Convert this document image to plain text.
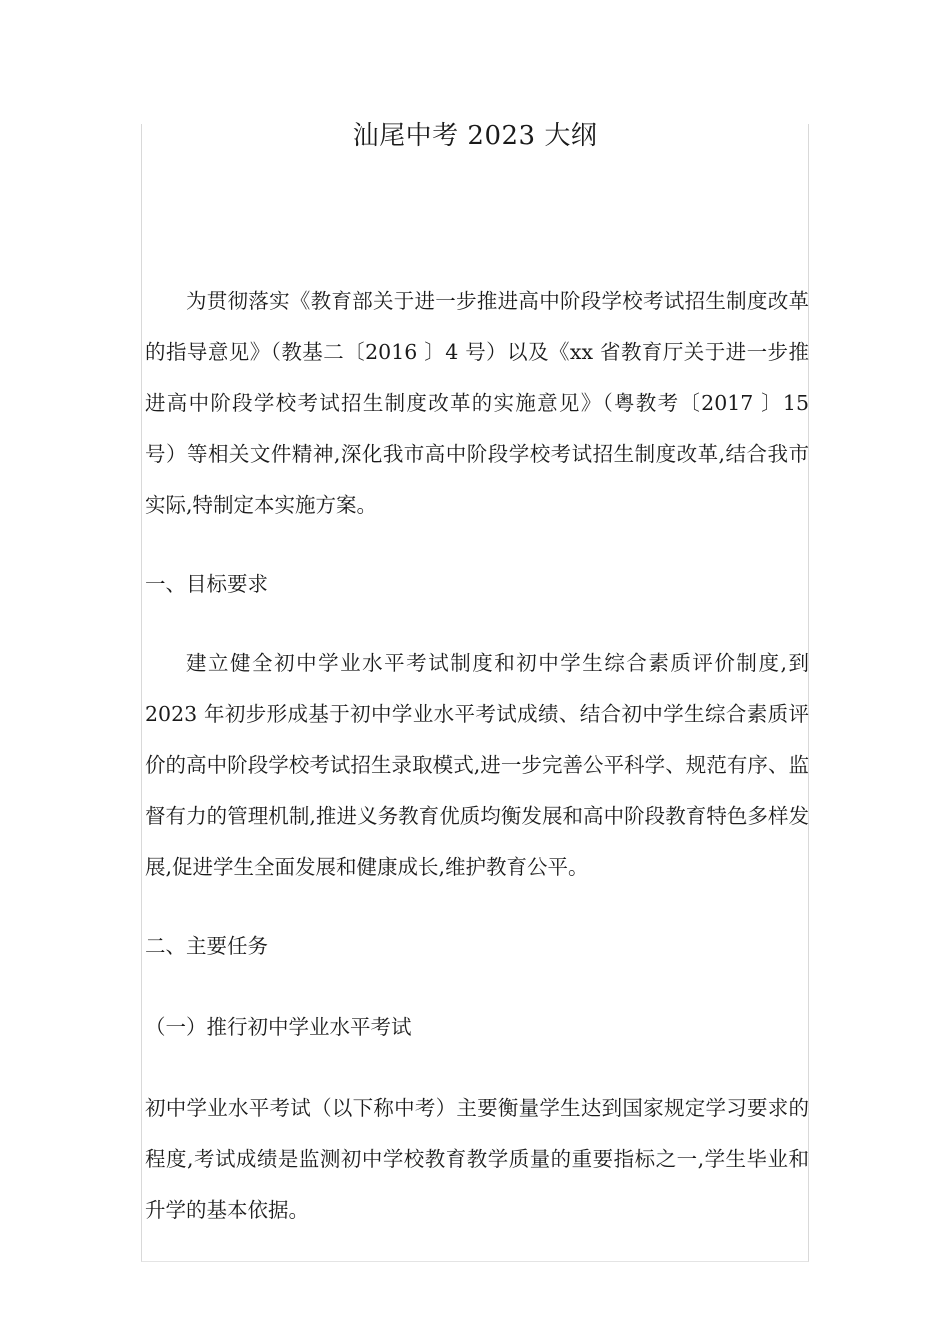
汕尾中考 2023 大纲

为贯彻落实《教育部关于进一步推进高中阶段学校考试招生制度改革的指导意见》（教基二〔2016 〕4 号）以及《xx 省教育厅关于进一步推进高中阶段学校考试招生制度改革的实施意见》（粤教考〔2017 〕15 号）等相关文件精神,深化我市高中阶段学校考试招生制度改革,结合我市实际,特制定本实施方案。

一、目标要求

建立健全初中学业水平考试制度和初中学生综合素质评价制度,到 2023 年初步形成基于初中学业水平考试成绩、结合初中学生综合素质评价的高中阶段学校考试招生录取模式,进一步完善公平科学、规范有序、监督有力的管理机制,推进义务教育优质均衡发展和高中阶段教育特色多样发展,促进学生全面发展和健康成长,维护教育公平。

二、主要任务

（一）推行初中学业水平考试

初中学业水平考试（以下称中考）主要衡量学生达到国家规定学习要求的程度,考试成绩是监测初中学校教育教学质量的重要指标之一,学生毕业和升学的基本依据。
